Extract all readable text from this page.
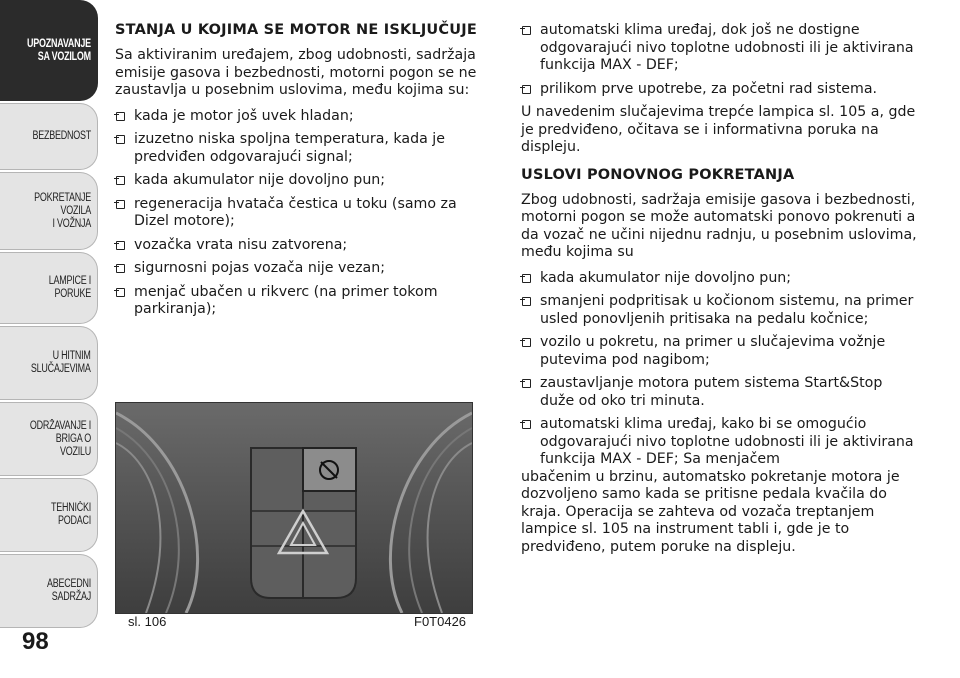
UPOZNAVANJE
SA VOZILOM
BEZBEDNOST
POKRETANJE VOZILA
I VOŽNJA
LAMPICE I PORUKE
U HITNIM
SLUČAJEVIMA
ODRŽAVANJE I
BRIGA O VOZILU
TEHNIČKI PODACI
ABECEDNI SADRŽAJ
98
STANJA U KOJIMA SE MOTOR NE ISKLJUČUJE

Sa aktiviranim uređajem, zbog udobnosti, sadržaja emisije gasova i bezbednosti, motorni pogon se ne zaustavlja u posebnim uslovima, među kojima su:

kada je motor još uvek hladan;
izuzetno niska spoljna temperatura, kada je predviđen odgovarajući signal;
kada akumulator nije dovoljno pun;
regeneracija hvatača čestica u toku (samo za Dizel motore);
vozačka vrata nisu zatvorena;
sigurnosni pojas vozača nije vezan;
menjač ubačen u rikverc (na primer tokom parkiranja);
sl. 106	F0T0426
automatski klima uređaj, dok još ne dostigne odgovarajući nivo toplotne udobnosti ili je aktivirana funkcija MAX - DEF;
prilikom prve upotrebe, za početni rad sistema.

U navedenim slučajevima trepće lampica sl. 105 a, gde je predviđeno, očitava se i informativna poruka na displeju.

USLOVI PONOVNOG POKRETANJA

Zbog udobnosti, sadržaja emisije gasova i bezbednosti, motorni pogon se može automatski ponovo pokrenuti a da vozač ne učini nijednu radnju, u posebnim uslovima, među kojima su

kada akumulator nije dovoljno pun;
smanjeni podpritisak u kočionom sistemu, na primer usled ponovljenih pritisaka na pedalu kočnice;
vozilo u pokretu, na primer u slučajevima vožnje putevima pod nagibom;
zaustavljanje motora putem sistema Start&Stop duže od oko tri minuta.
automatski klima uređaj, kako bi se omogućio odgovarajući nivo toplotne udobnosti ili je aktivirana funkcija MAX - DEF; Sa menjačem

ubačenim u brzinu, automatsko pokretanje motora je dozvoljeno samo kada se pritisne pedala kvačila do kraja. Operacija se zahteva od vozača treptanjem lampice sl. 105 na instrument tabli i, gde je to predviđeno, putem poruke na displeju.
